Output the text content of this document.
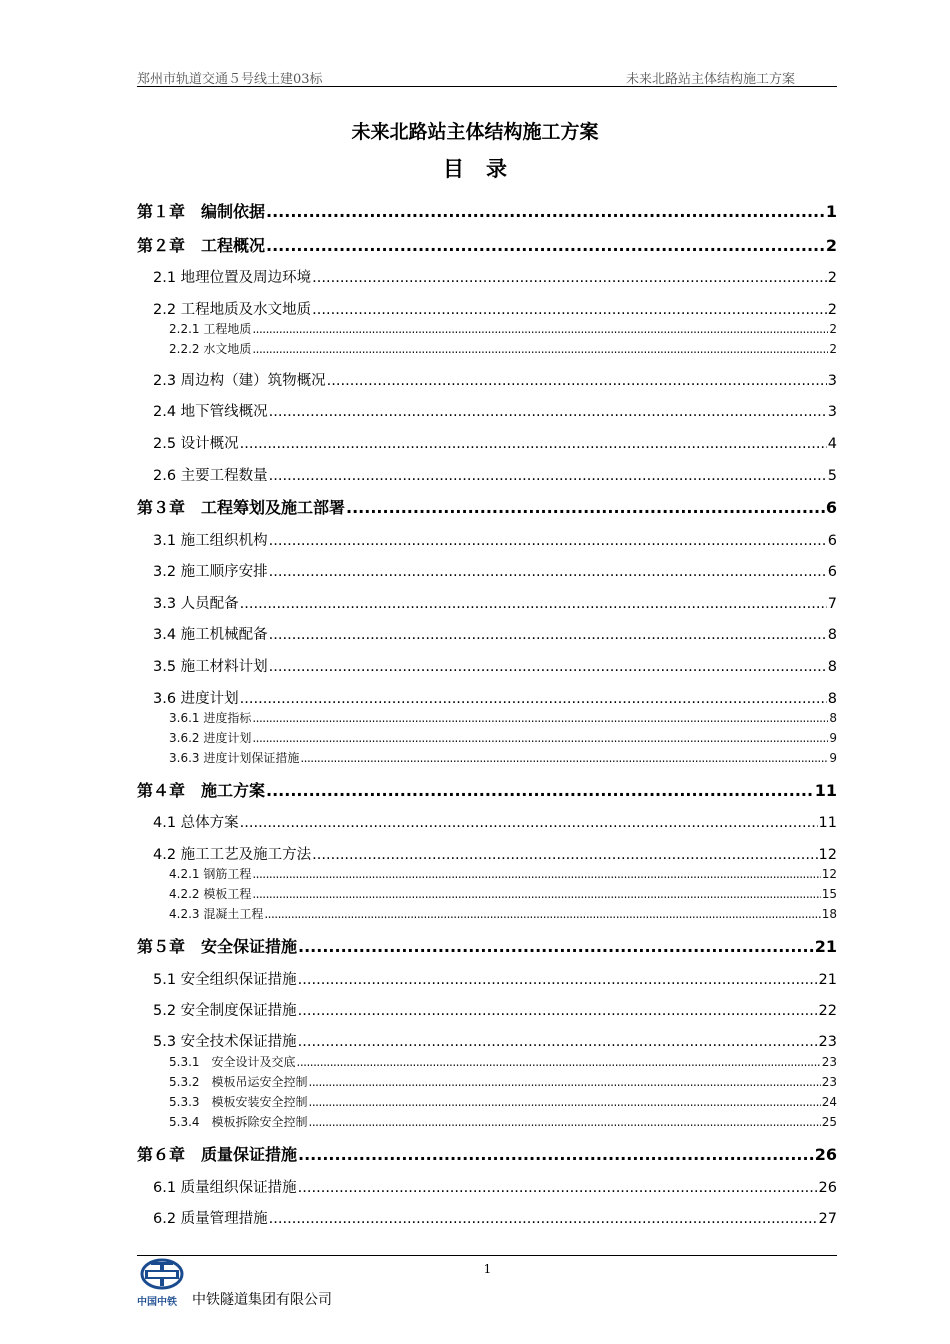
郑州市轨道交通５号线土建03标	未来北路站主体结构施工方案
未来北路站主体结构施工方案
目录
第１章　编制依据 .....	1
第２章　工程概况 .....	2
2.1 地理位置及周边环境 .....	2
2.2 工程地质及水文地质 .....	2
2.2.1 工程地质 .....	2
2.2.2 水文地质 .....	2
2.3 周边构（建）筑物概况 .....	3
2.4 地下管线概况 .....	3
2.5 设计概况 .....	4
2.6 主要工程数量 .....	5
第３章　工程筹划及施工部署 .....	6
3.1 施工组织机构 .....	6
3.2 施工顺序安排 .....	6
3.3 人员配备 .....	7
3.4 施工机械配备 .....	8
3.5 施工材料计划 .....	8
3.6 进度计划 .....	8
3.6.1 进度指标 .....	8
3.6.2 进度计划 .....	9
3.6.3 进度计划保证措施 .....	9
第４章　施工方案 .....	11
4.1 总体方案 .....	11
4.2 施工工艺及施工方法 .....	12
4.2.1 钢筋工程 .....	12
4.2.2 模板工程 .....	15
4.2.3 混凝土工程 .....	18
第５章　安全保证措施 .....	21
5.1 安全组织保证措施 .....	21
5.2 安全制度保证措施 .....	22
5.3 安全技术保证措施 .....	23
5.3.1　安全设计及交底 .....	23
5.3.2　模板吊运安全控制 .....	23
5.3.3　模板安装安全控制 .....	24
5.3.4　模板拆除安全控制 .....	25
第６章　质量保证措施 .....	26
6.1 质量组织保证措施 .....	26
6.2 质量管理措施 .....	27
1
中国中铁 中铁隧道集团有限公司
